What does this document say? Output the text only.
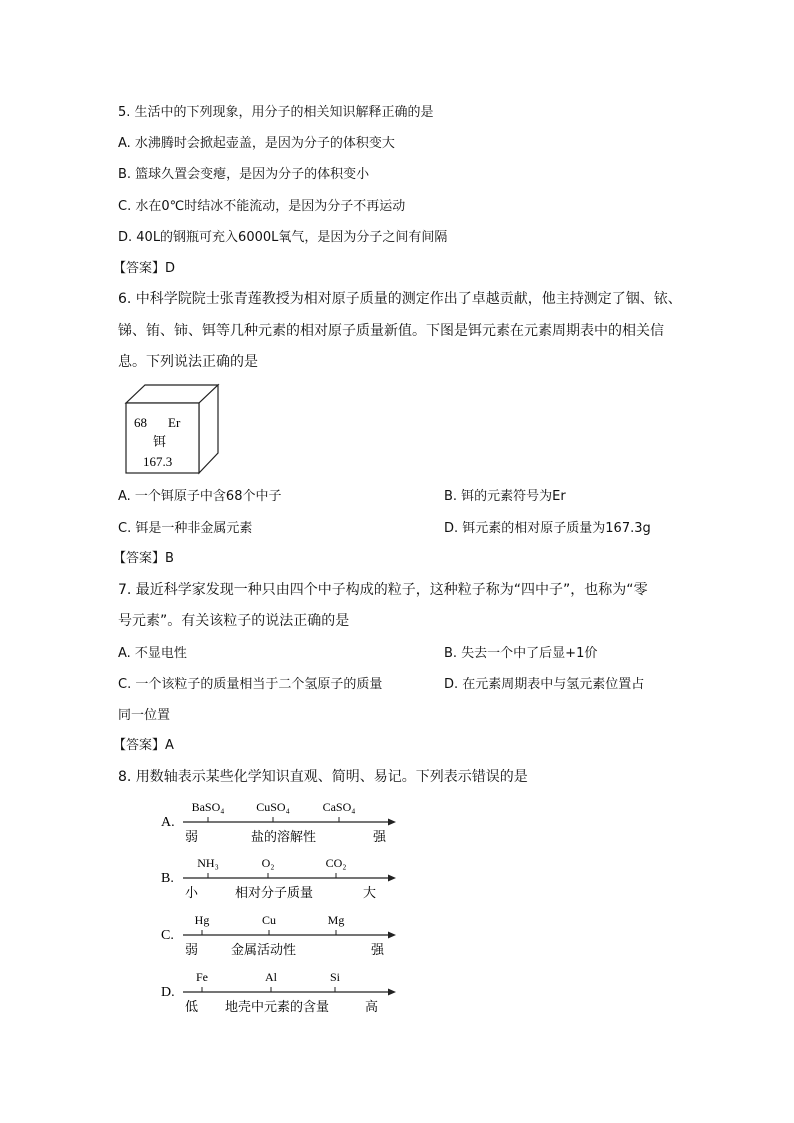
5. 生活中的下列现象，用分子的相关知识解释正确的是
A. 水沸腾时会掀起壶盖，是因为分子的体积变大
B. 篮球久置会变瘪，是因为分子的体积变小
C. 水在0℃时结冰不能流动，是因为分子不再运动
D. 40L的钢瓶可充入6000L氧气，是因为分子之间有间隔
【答案】D
6. 中科学院院士张青莲教授为相对原子质量的测定作出了卓越贡献，他主持测定了铟、铱、
锑、铕、铈、铒等几种元素的相对原子质量新值。下图是铒元素在元素周期表中的相关信
息。下列说法正确的是
68 Er
铒
167.3
A. 一个铒原子中含68个中子	B. 铒的元素符号为Er
C. 铒是一种非金属元素	D. 铒元素的相对原子质量为167.3g
【答案】B
7. 最近科学家发现一种只由四个中子构成的粒子，这种粒子称为“四中子”，也称为“零
号元素”。有关该粒子的说法正确的是
A. 不显电性	B. 失去一个中了后显+1价
C. 一个该粒子的质量相当于二个氢原子的质量	D. 在元素周期表中与氢元素位置占
同一位置
【答案】A
8. 用数轴表示某些化学知识直观、简明、易记。下列表示错误的是
A.
BaSO₄	CuSO₄	CaSO₄
弱	盐的溶解性	强
B.
NH₃	O₂	CO₂
小	相对分子质量	大
C.
Hg	Cu	Mg
弱	金属活动性	强
D.
Fe	Al	Si
低 地壳中元素的含量	高
